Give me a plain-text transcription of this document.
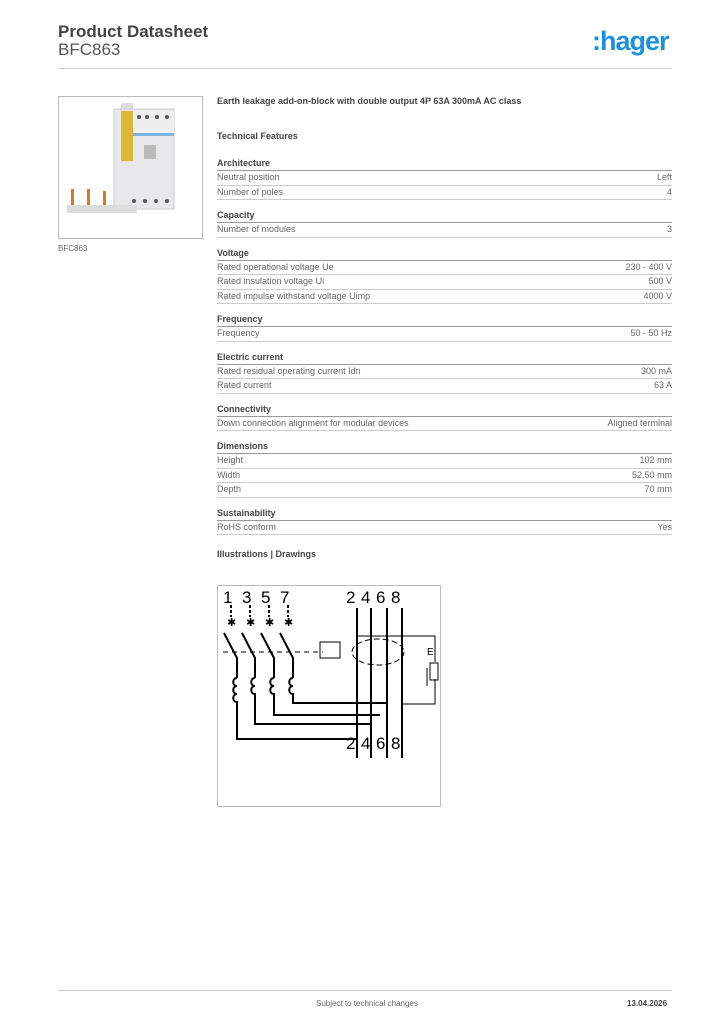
Product Datasheet
BFC863	:hager
BFC863
Earth leakage add-on-block with double output 4P 63A 300mA AC class
Technical Features
Architecture
Neutral position	Left
Number of poles	4
Capacity
Number of modules	3
Voltage
Rated operational voltage Ue	230 - 400 V
Rated insulation voltage Ui	500 V
Rated impulse withstand voltage Uimp	4000 V
Frequency
Frequency	50 - 50 Hz
Electric current
Rated residual operating current Idn	300 mA
Rated current	63 A
Connectivity
Down connection alignment for modular devices	Aligned terminal
Dimensions
Height	102 mm
Width	52.50 mm
Depth	70 mm
Sustainability
RoHS conform	Yes
Illustrations | Drawings
1 3 5 7	2 4 6 8
2 4 6 8
E
✱ ✱ ✱ ✱
Subject to technical changes	13.04.2026
